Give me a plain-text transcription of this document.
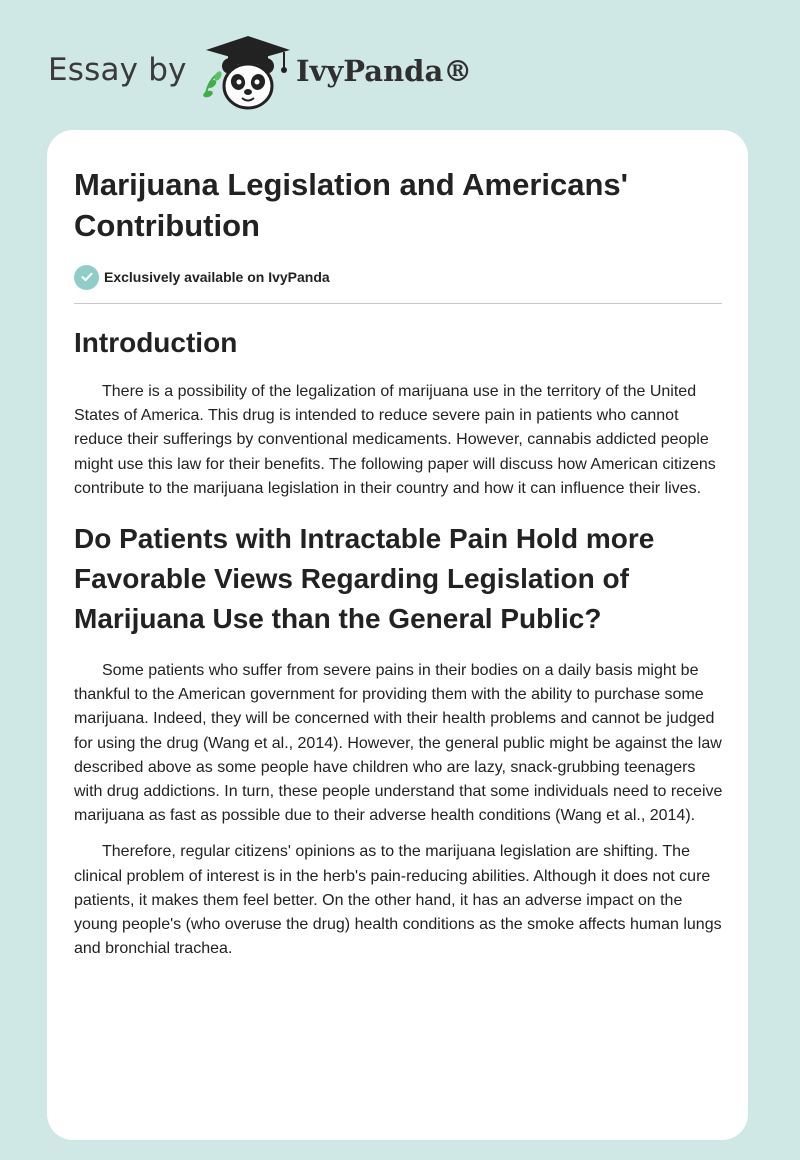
Essay by	IvyPanda®
Marijuana Legislation and Americans' Contribution
Exclusively available on IvyPanda
Introduction

There is a possibility of the legalization of marijuana use in the territory of the United States of America. This drug is intended to reduce severe pain in patients who cannot reduce their sufferings by conventional medicaments. However, cannabis addicted people might use this law for their benefits. The following paper will discuss how American citizens contribute to the marijuana legislation in their country and how it can influence their lives.

Do Patients with Intractable Pain Hold more Favorable Views Regarding Legislation of Marijuana Use than the General Public?

Some patients who suffer from severe pains in their bodies on a daily basis might be thankful to the American government for providing them with the ability to purchase some marijuana. Indeed, they will be concerned with their health problems and cannot be judged for using the drug (Wang et al., 2014). However, the general public might be against the law described above as some people have children who are lazy, snack-grubbing teenagers with drug addictions. In turn, these people understand that some individuals need to receive marijuana as fast as possible due to their adverse health conditions (Wang et al., 2014).

Therefore, regular citizens' opinions as to the marijuana legislation are shifting. The clinical problem of interest is in the herb's pain-reducing abilities. Although it does not cure patients, it makes them feel better. On the other hand, it has an adverse impact on the young people's (who overuse the drug) health conditions as the smoke affects human lungs and bronchial trachea.
